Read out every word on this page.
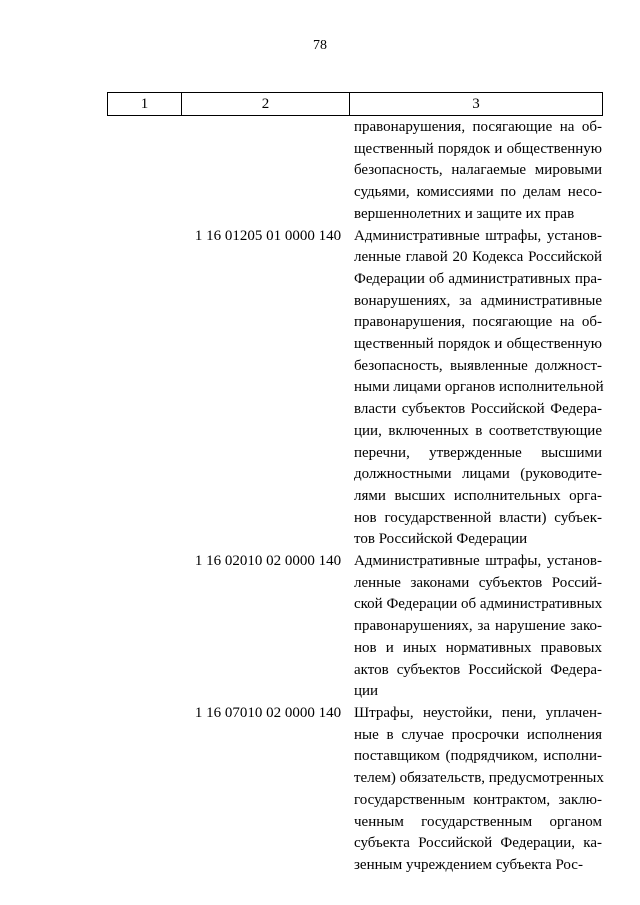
78
1	2	3
правонарушения, посягающие на об-
щественный порядок и общественную
безопасность, налагаемые мировыми
судьями, комиссиями по делам несо-
вершеннолетних и защите их прав
1 16 01205 01 0000 140 Административные штрафы, установ-
ленные главой 20 Кодекса Российской
Федерации об административных пра-
вонарушениях, за административные
правонарушения, посягающие на об-
щественный порядок и общественную
безопасность, выявленные должност-
ными лицами органов исполнительной
власти субъектов Российской Федера-
ции, включенных в соответствующие
перечни, утвержденные высшими
должностными лицами (руководите-
лями высших исполнительных орга-
нов государственной власти) субъек-
тов Российской Федерации
1 16 02010 02 0000 140 Административные штрафы, установ-
ленные законами субъектов Россий-
ской Федерации об административных
правонарушениях, за нарушение зако-
нов и иных нормативных правовых
актов субъектов Российской Федера-
ции
1 16 07010 02 0000 140 Штрафы, неустойки, пени, уплачен-
ные в случае просрочки исполнения
поставщиком (подрядчиком, исполни-
телем) обязательств, предусмотренных
государственным контрактом, заклю-
ченным государственным органом
субъекта Российской Федерации, ка-
зенным учреждением субъекта Рос-
